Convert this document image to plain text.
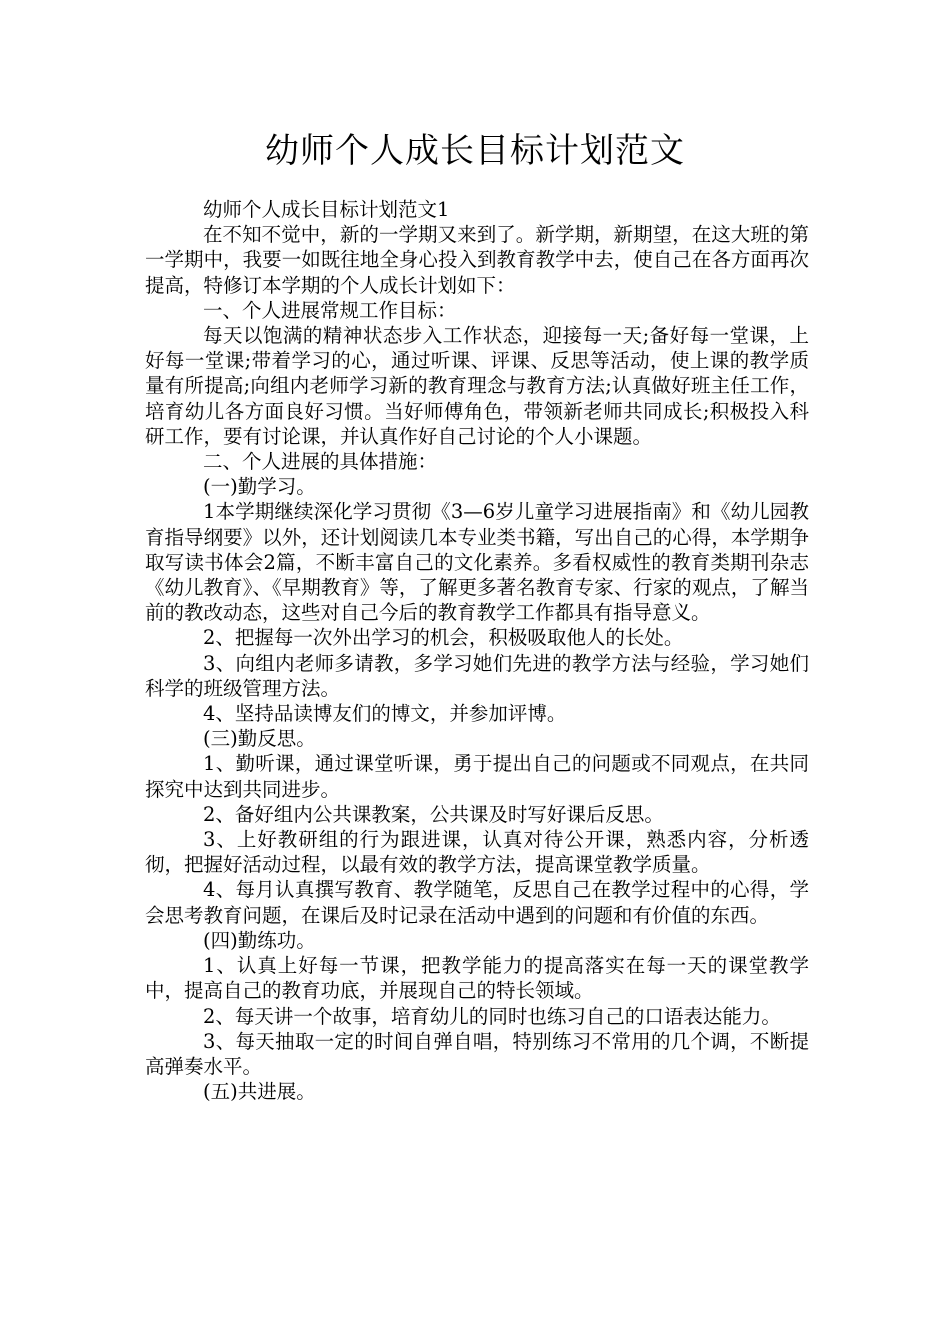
幼师个人成长目标计划范文

幼师个人成长目标计划范文1

在不知不觉中，新的一学期又来到了。新学期，新期望，在这大班的第一学期中，我要一如既往地全身心投入到教育教学中去，使自己在各方面再次提高，特修订本学期的个人成长计划如下：

一、个人进展常规工作目标：

每天以饱满的精神状态步入工作状态，迎接每一天;备好每一堂课，上好每一堂课;带着学习的心，通过听课、评课、反思等活动，使上课的教学质量有所提高;向组内老师学习新的教育理念与教育方法;认真做好班主任工作，培育幼儿各方面良好习惯。当好师傅角色，带领新老师共同成长;积极投入科研工作，要有讨论课，并认真作好自己讨论的个人小课题。

二、个人进展的具体措施：

(一)勤学习。

1本学期继续深化学习贯彻《3—6岁儿童学习进展指南》和《幼儿园教育指导纲要》以外，还计划阅读几本专业类书籍，写出自己的心得，本学期争取写读书体会2篇，不断丰富自己的文化素养。多看权威性的教育类期刊杂志《幼儿教育》、《早期教育》等，了解更多著名教育专家、行家的观点，了解当前的教改动态，这些对自己今后的教育教学工作都具有指导意义。

2、把握每一次外出学习的机会，积极吸取他人的长处。

3、向组内老师多请教，多学习她们先进的教学方法与经验，学习她们科学的班级管理方法。

4、坚持品读博友们的博文，并参加评博。

(三)勤反思。

1、勤听课，通过课堂听课，勇于提出自己的问题或不同观点，在共同探究中达到共同进步。

2、备好组内公共课教案，公共课及时写好课后反思。

3、上好教研组的行为跟进课，认真对待公开课，熟悉内容，分析透彻，把握好活动过程，以最有效的教学方法，提高课堂教学质量。

4、每月认真撰写教育、教学随笔，反思自己在教学过程中的心得，学会思考教育问题，在课后及时记录在活动中遇到的问题和有价值的东西。

(四)勤练功。

1、认真上好每一节课，把教学能力的提高落实在每一天的课堂教学中，提高自己的教育功底，并展现自己的特长领域。

2、每天讲一个故事，培育幼儿的同时也练习自己的口语表达能力。

3、每天抽取一定的时间自弹自唱，特别练习不常用的几个调，不断提高弹奏水平。

(五)共进展。
